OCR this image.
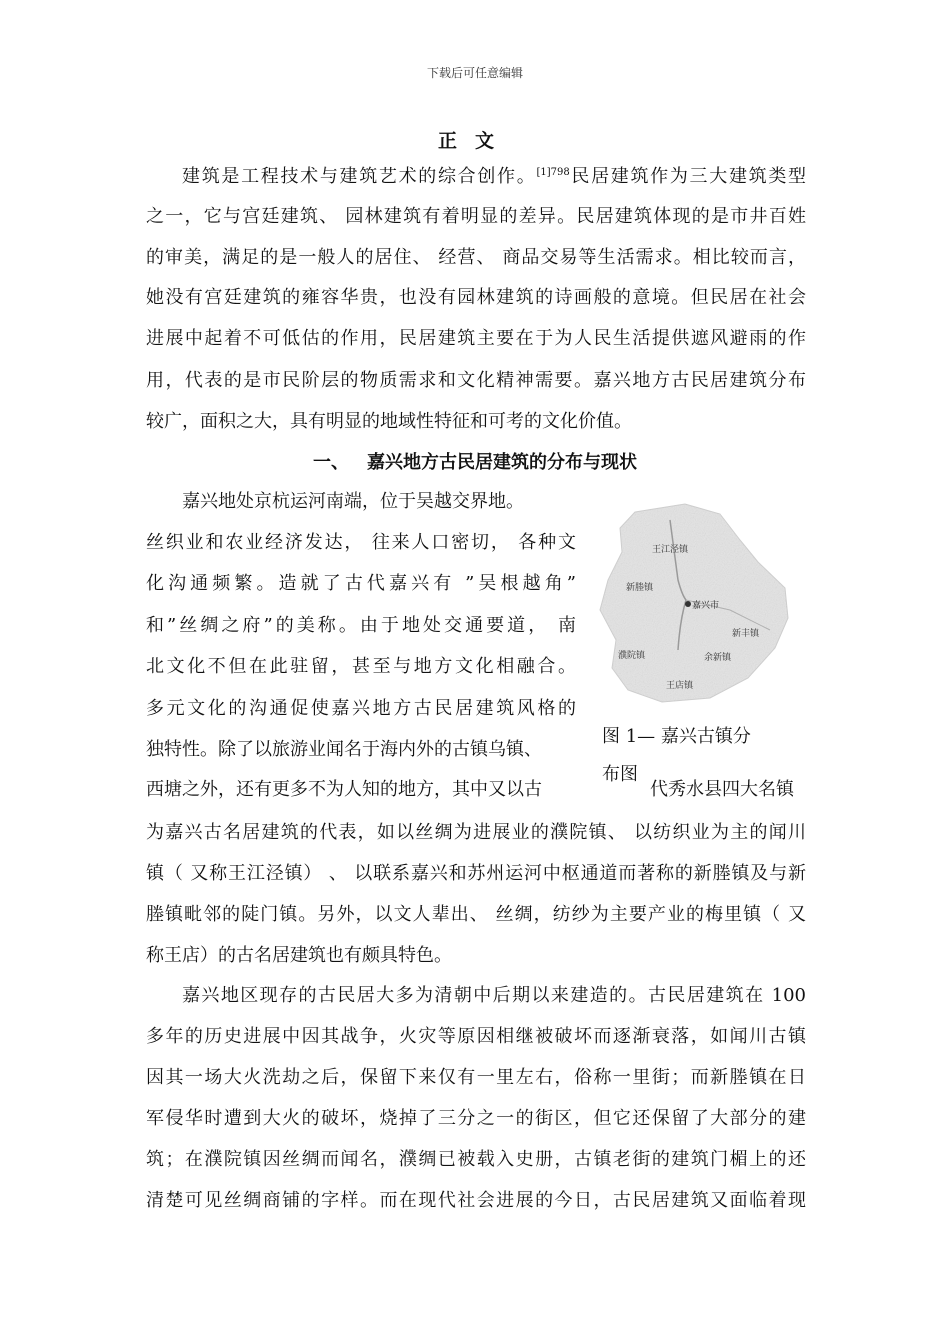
下载后可任意编辑
正文
建筑是工程技术与建筑艺术的综合创作。$^{[1]798}$民居建筑作为三大建筑类型
之一，它与宫廷建筑、 园林建筑有着明显的差异。民居建筑体现的是市井百姓
的审美，满足的是一般人的居住、 经营、 商品交易等生活需求。相比较而言，
她没有宫廷建筑的雍容华贵，也没有园林建筑的诗画般的意境。但民居在社会
进展中起着不可低估的作用，民居建筑主要在于为人民生活提供遮风避雨的作
用，代表的是市民阶层的物质需求和文化精神需要。嘉兴地方古民居建筑分布
较广，面积之大，具有明显的地域性特征和可考的文化价值。
一、 嘉兴地方古民居建筑的分布与现状
嘉兴地处京杭运河南端，位于吴越交界地。
丝织业和农业经济发达， 往来人口密切， 各种文
化沟通频繁。造就了古代嘉兴有 ”吴根越角”
和”丝绸之府”的美称。由于地处交通要道， 南
北文化不但在此驻留，甚至与地方文化相融合。
多元文化的沟通促使嘉兴地方古民居建筑风格的
独特性。除了以旅游业闻名于海内外的古镇乌镇、
西塘之外，还有更多不为人知的地方，其中又以古	代秀水县四大名镇
为嘉兴古名居建筑的代表，如以丝绸为进展业的濮院镇、 以纺织业为主的闻川
镇（ 又称王江泾镇） 、 以联系嘉兴和苏州运河中枢通道而著称的新塍镇及与新
塍镇毗邻的陡门镇。另外，以文人辈出、 丝绸，纺纱为主要产业的梅里镇（ 又
称王店）的古名居建筑也有颇具特色。
王江泾镇
新塍镇
嘉兴市
新丰镇
濮院镇	余新镇
王店镇
图 1— 嘉兴古镇分
布图
嘉兴地区现存的古民居大多为清朝中后期以来建造的。古民居建筑在 100
多年的历史进展中因其战争，火灾等原因相继被破坏而逐渐衰落，如闻川古镇
因其一场大火洗劫之后，保留下来仅有一里左右，俗称一里街；而新塍镇在日
军侵华时遭到大火的破坏，烧掉了三分之一的街区，但它还保留了大部分的建
筑；在濮院镇因丝绸而闻名，濮绸已被载入史册，古镇老街的建筑门楣上的还
清楚可见丝绸商铺的字样。而在现代社会进展的今日，古民居建筑又面临着现
